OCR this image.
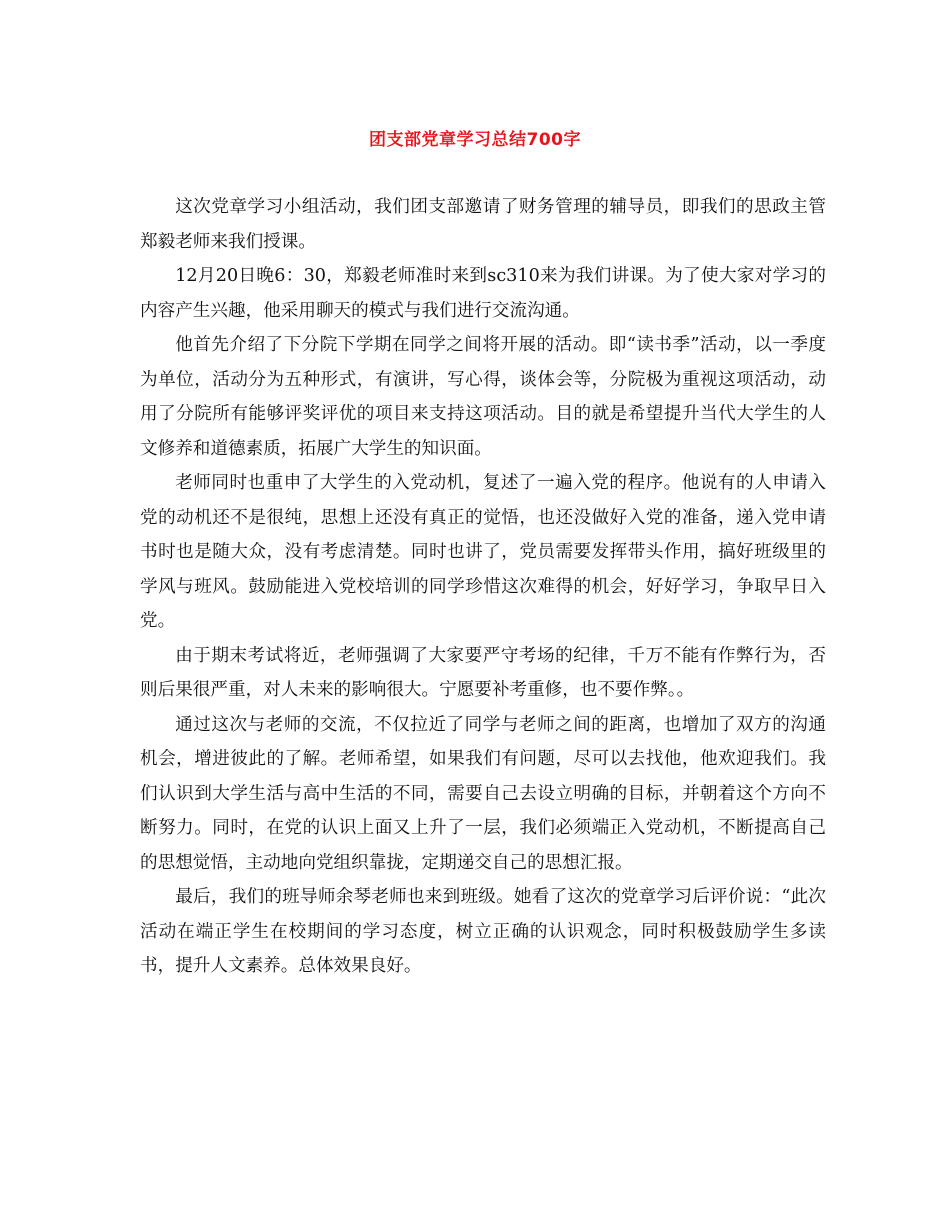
团支部党章学习总结700字

这次党章学习小组活动，我们团支部邀请了财务管理的辅导员，即我们的思政主管郑毅老师来我们授课。

12月20日晚6：30，郑毅老师准时来到sc310来为我们讲课。为了使大家对学习的内容产生兴趣，他采用聊天的模式与我们进行交流沟通。

他首先介绍了下分院下学期在同学之间将开展的活动。即“读书季”活动，以一季度为单位，活动分为五种形式，有演讲，写心得，谈体会等，分院极为重视这项活动，动用了分院所有能够评奖评优的项目来支持这项活动。目的就是希望提升当代大学生的人文修养和道德素质，拓展广大学生的知识面。

老师同时也重申了大学生的入党动机，复述了一遍入党的程序。他说有的人申请入党的动机还不是很纯，思想上还没有真正的觉悟，也还没做好入党的准备，递入党申请书时也是随大众，没有考虑清楚。同时也讲了，党员需要发挥带头作用，搞好班级里的学风与班风。鼓励能进入党校培训的同学珍惜这次难得的机会，好好学习，争取早日入党。

由于期末考试将近，老师强调了大家要严守考场的纪律，千万不能有作弊行为，否则后果很严重，对人未来的影响很大。宁愿要补考重修，也不要作弊。。

通过这次与老师的交流，不仅拉近了同学与老师之间的距离，也增加了双方的沟通机会，增进彼此的了解。老师希望，如果我们有问题，尽可以去找他，他欢迎我们。我们认识到大学生活与高中生活的不同，需要自己去设立明确的目标，并朝着这个方向不断努力。同时，在党的认识上面又上升了一层，我们必须端正入党动机，不断提高自己的思想觉悟，主动地向党组织靠拢，定期递交自己的思想汇报。

最后，我们的班导师余琴老师也来到班级。她看了这次的党章学习后评价说：“此次活动在端正学生在校期间的学习态度，树立正确的认识观念，同时积极鼓励学生多读书，提升人文素养。总体效果良好。
